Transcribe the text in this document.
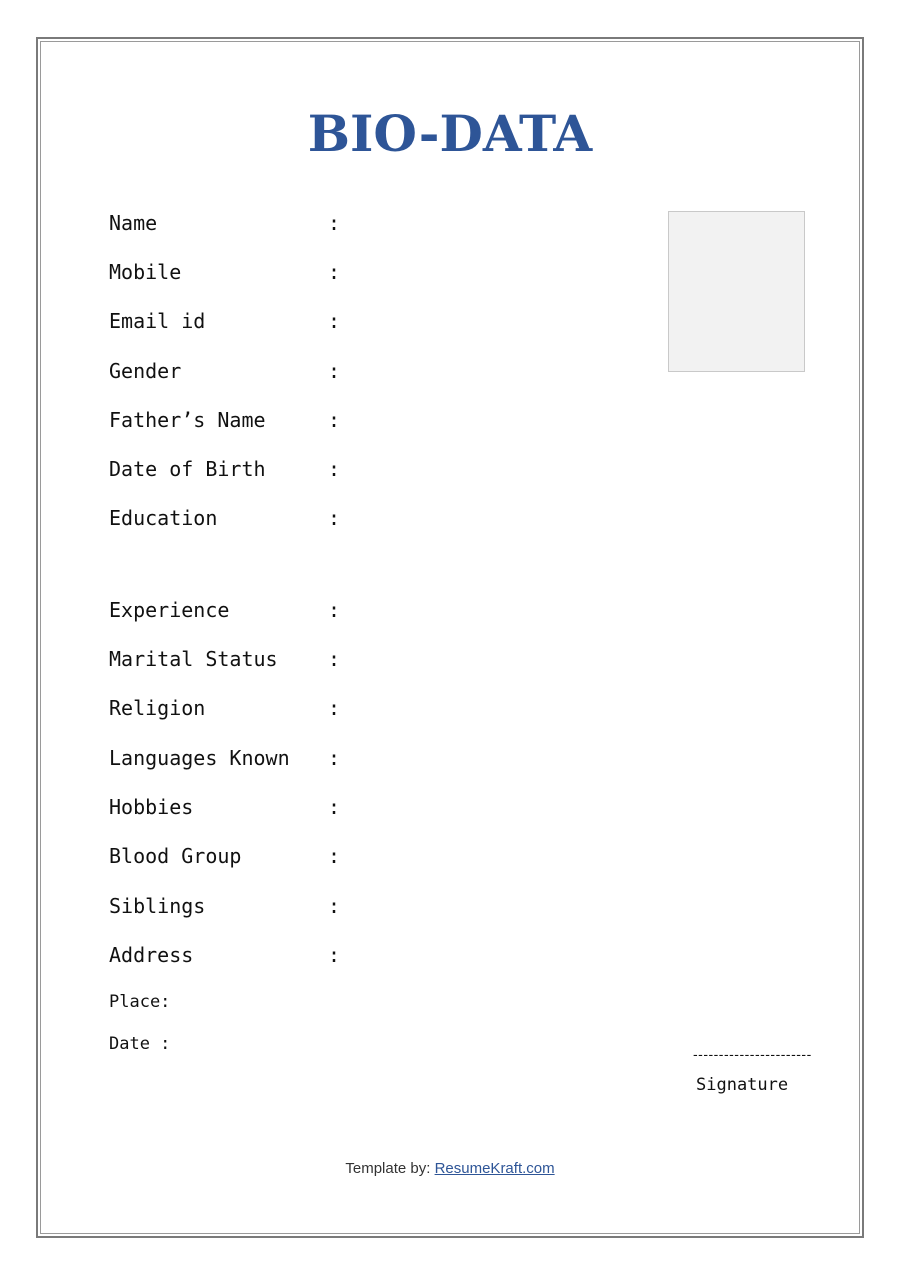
BIO-DATA
Name	:
Mobile	:
Email id	:
Gender	:
Father’s Name	:
Date of Birth	:
Education	:
Experience	:
Marital Status	:
Religion	:
Languages Known :
Hobbies	:
Blood Group	:
Siblings	:
Address	:
Place:
Date :	-----------------------
Signature
Template by: ResumeKraft.com
